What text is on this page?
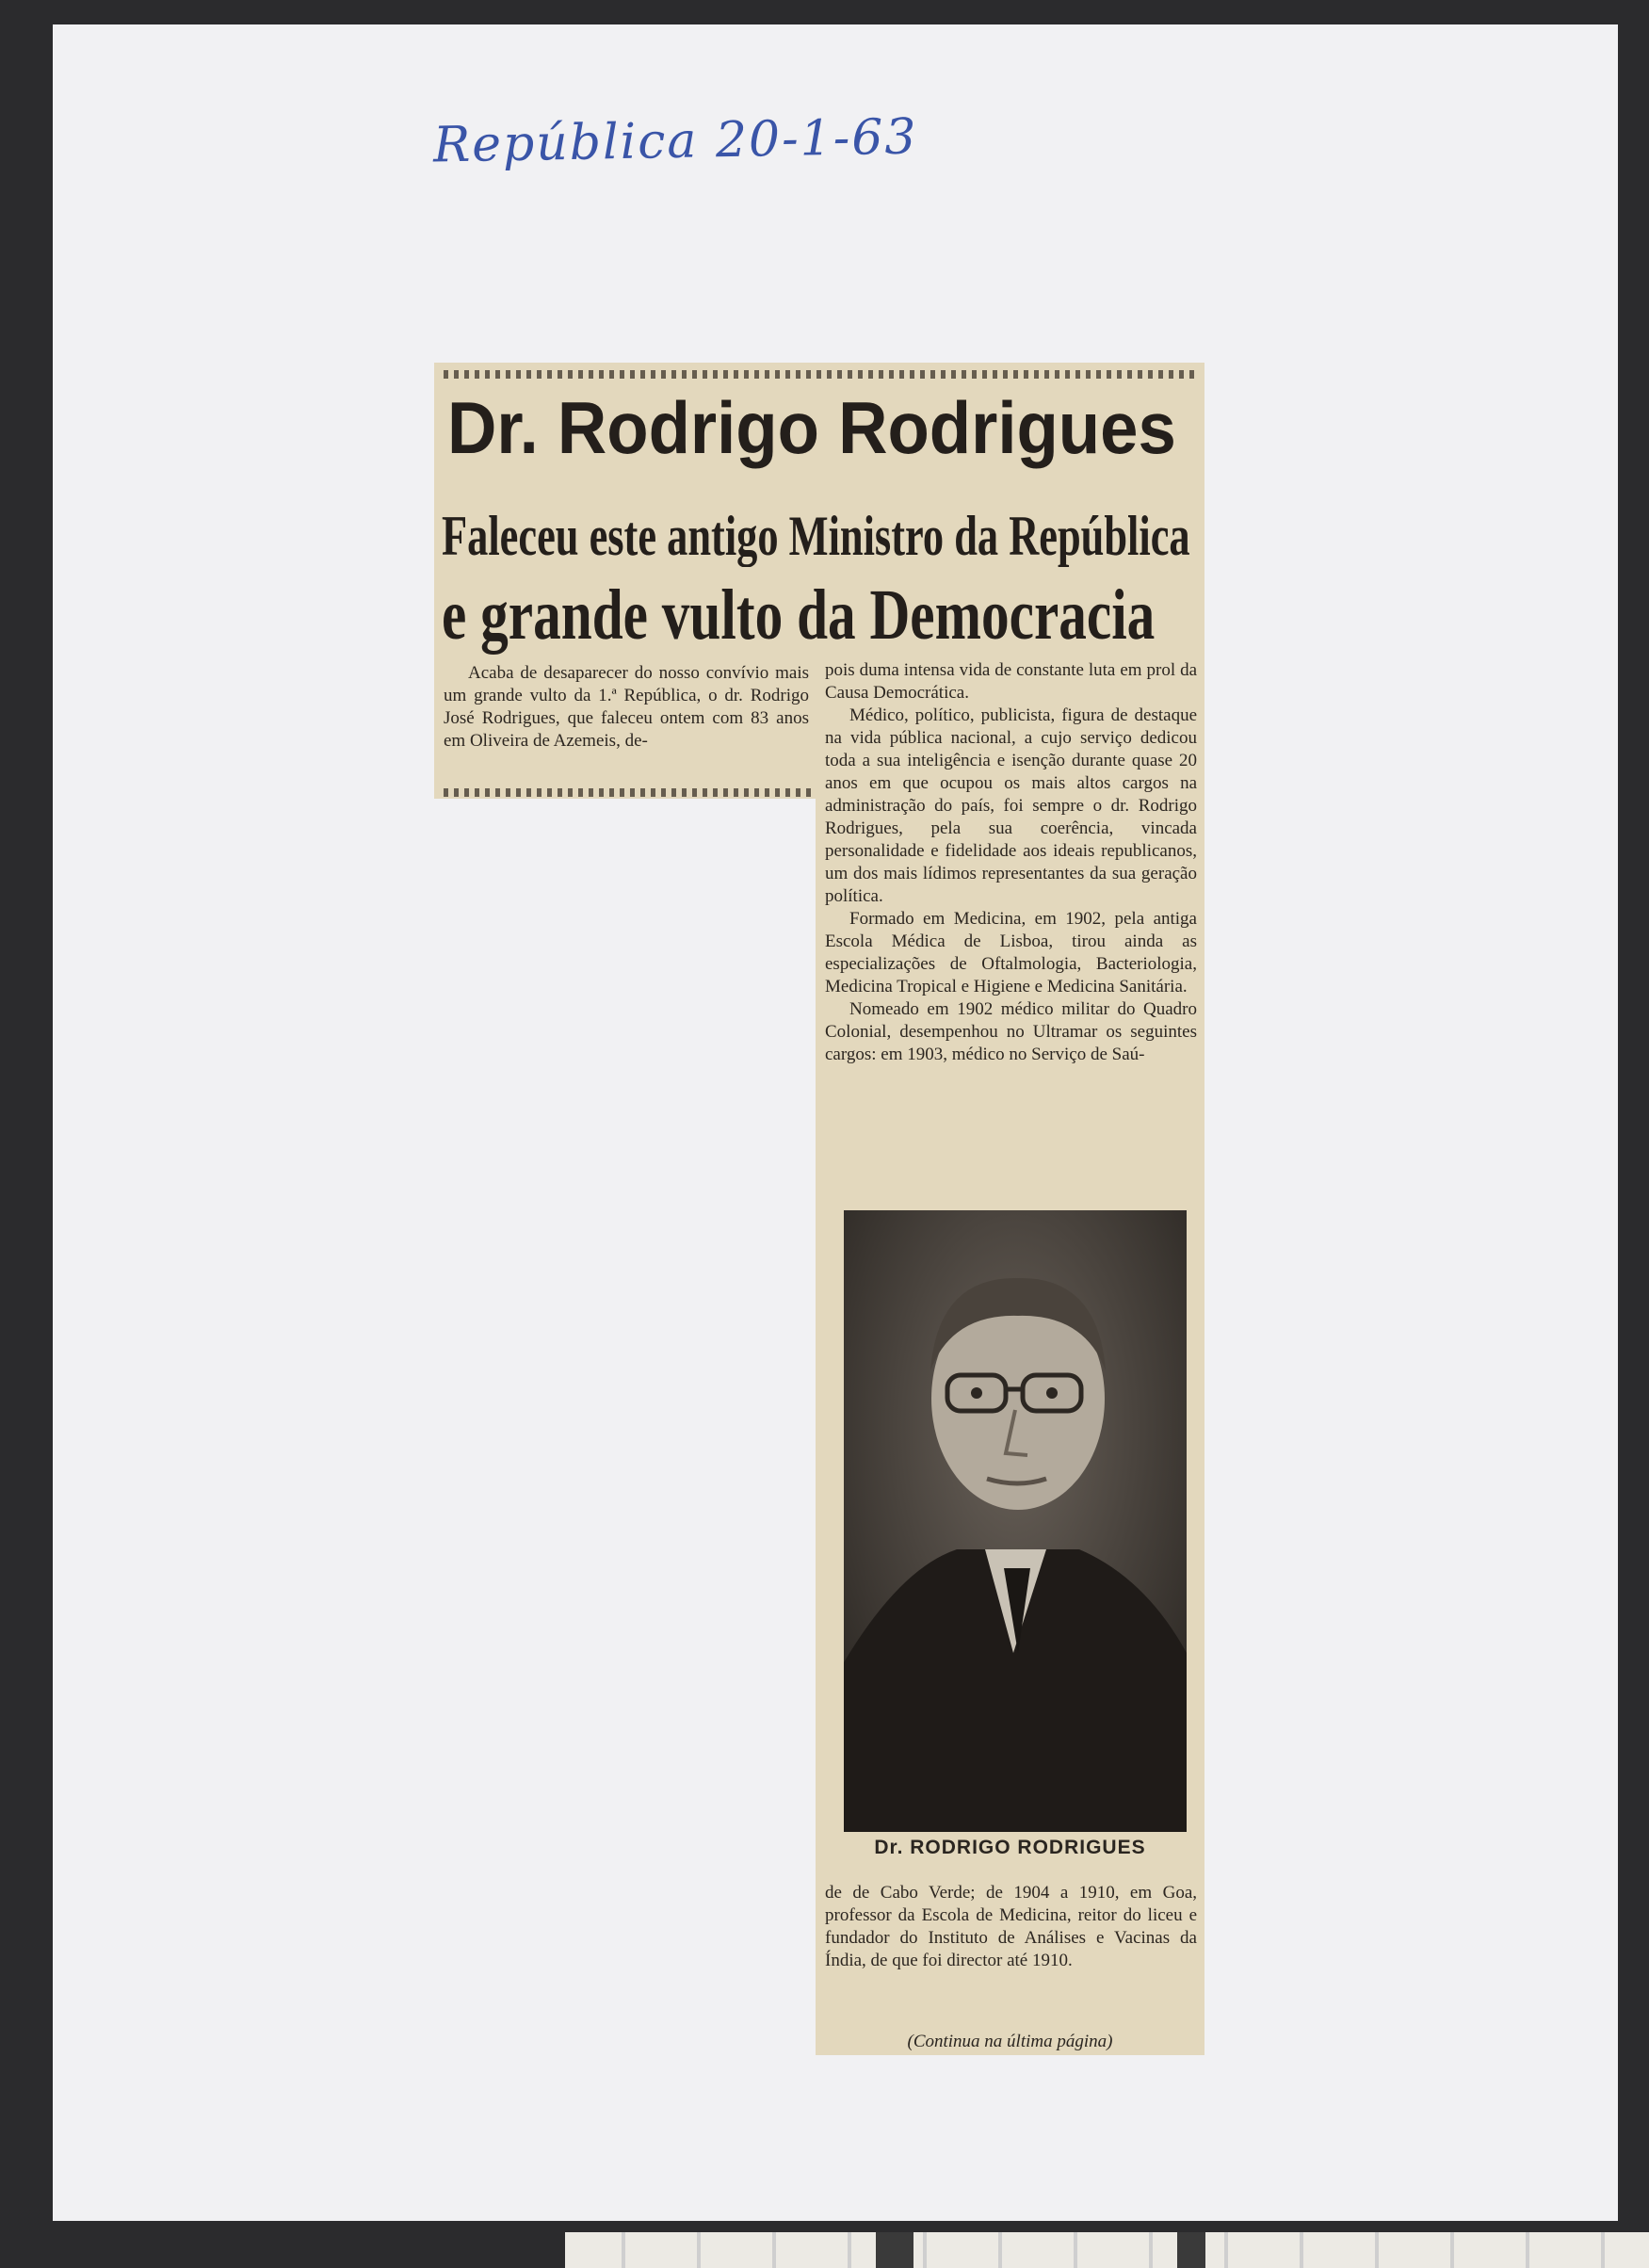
República 20-1-63
Dr. Rodrigo Rodrigues
Faleceu este antigo Ministro da República
e grande vulto da Democracia

Acaba de desaparecer do nosso convívio mais um grande vulto da 1.ª República, o dr. Rodrigo José Rodrigues, que faleceu ontem com 83 anos em Oliveira de Azemeis, de-

pois duma intensa vida de constante luta em prol da Causa Democrática.

Médico, político, publicista, figura de destaque na vida pública nacional, a cujo serviço dedicou toda a sua inteligência e isenção durante quase 20 anos em que ocupou os mais altos cargos na administração do país, foi sempre o dr. Rodrigo Rodrigues, pela sua coerência, vincada personalidade e fidelidade aos ideais republicanos, um dos mais lídimos representantes da sua geração política.

Formado em Medicina, em 1902, pela antiga Escola Médica de Lisboa, tirou ainda as especializações de Oftalmologia, Bacteriologia, Medicina Tropical e Higiene e Medicina Sanitária.

Nomeado em 1902 médico militar do Quadro Colonial, desempenhou no Ultramar os seguintes cargos: em 1903, médico no Serviço de Saú-

de de Cabo Verde; de 1904 a 1910, em Goa, professor da Escola de Medicina, reitor do liceu e fundador do Instituto de Análises e Vacinas da Índia, de que foi director até 1910.

Dr. RODRIGO RODRIGUES
(Continua na última página)
